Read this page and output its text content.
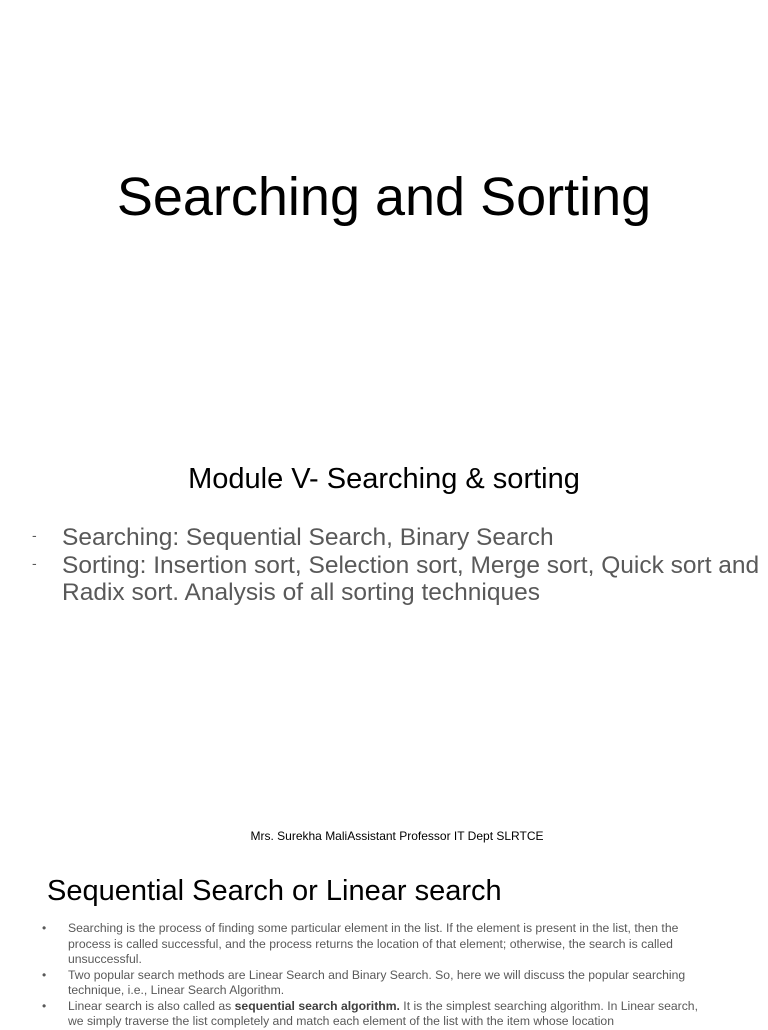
Searching and Sorting
Module V- Searching & sorting
- Searching: Sequential Search, Binary Search
- Sorting: Insertion sort, Selection sort, Merge sort, Quick sort and Radix sort. Analysis of all sorting techniques
Mrs. Surekha MaliAssistant Professor IT Dept SLRTCE
Sequential Search or Linear search
• Searching is the process of finding some particular element in the list. If the element is present in the list, then the process is called successful, and the process returns the location of that element; otherwise, the search is called unsuccessful.
• Two popular search methods are Linear Search and Binary Search. So, here we will discuss the popular searching technique, i.e., Linear Search Algorithm.
• Linear search is also called as sequential search algorithm. It is the simplest searching algorithm. In Linear search, we simply traverse the list completely and match each element of the list with the item whose location
